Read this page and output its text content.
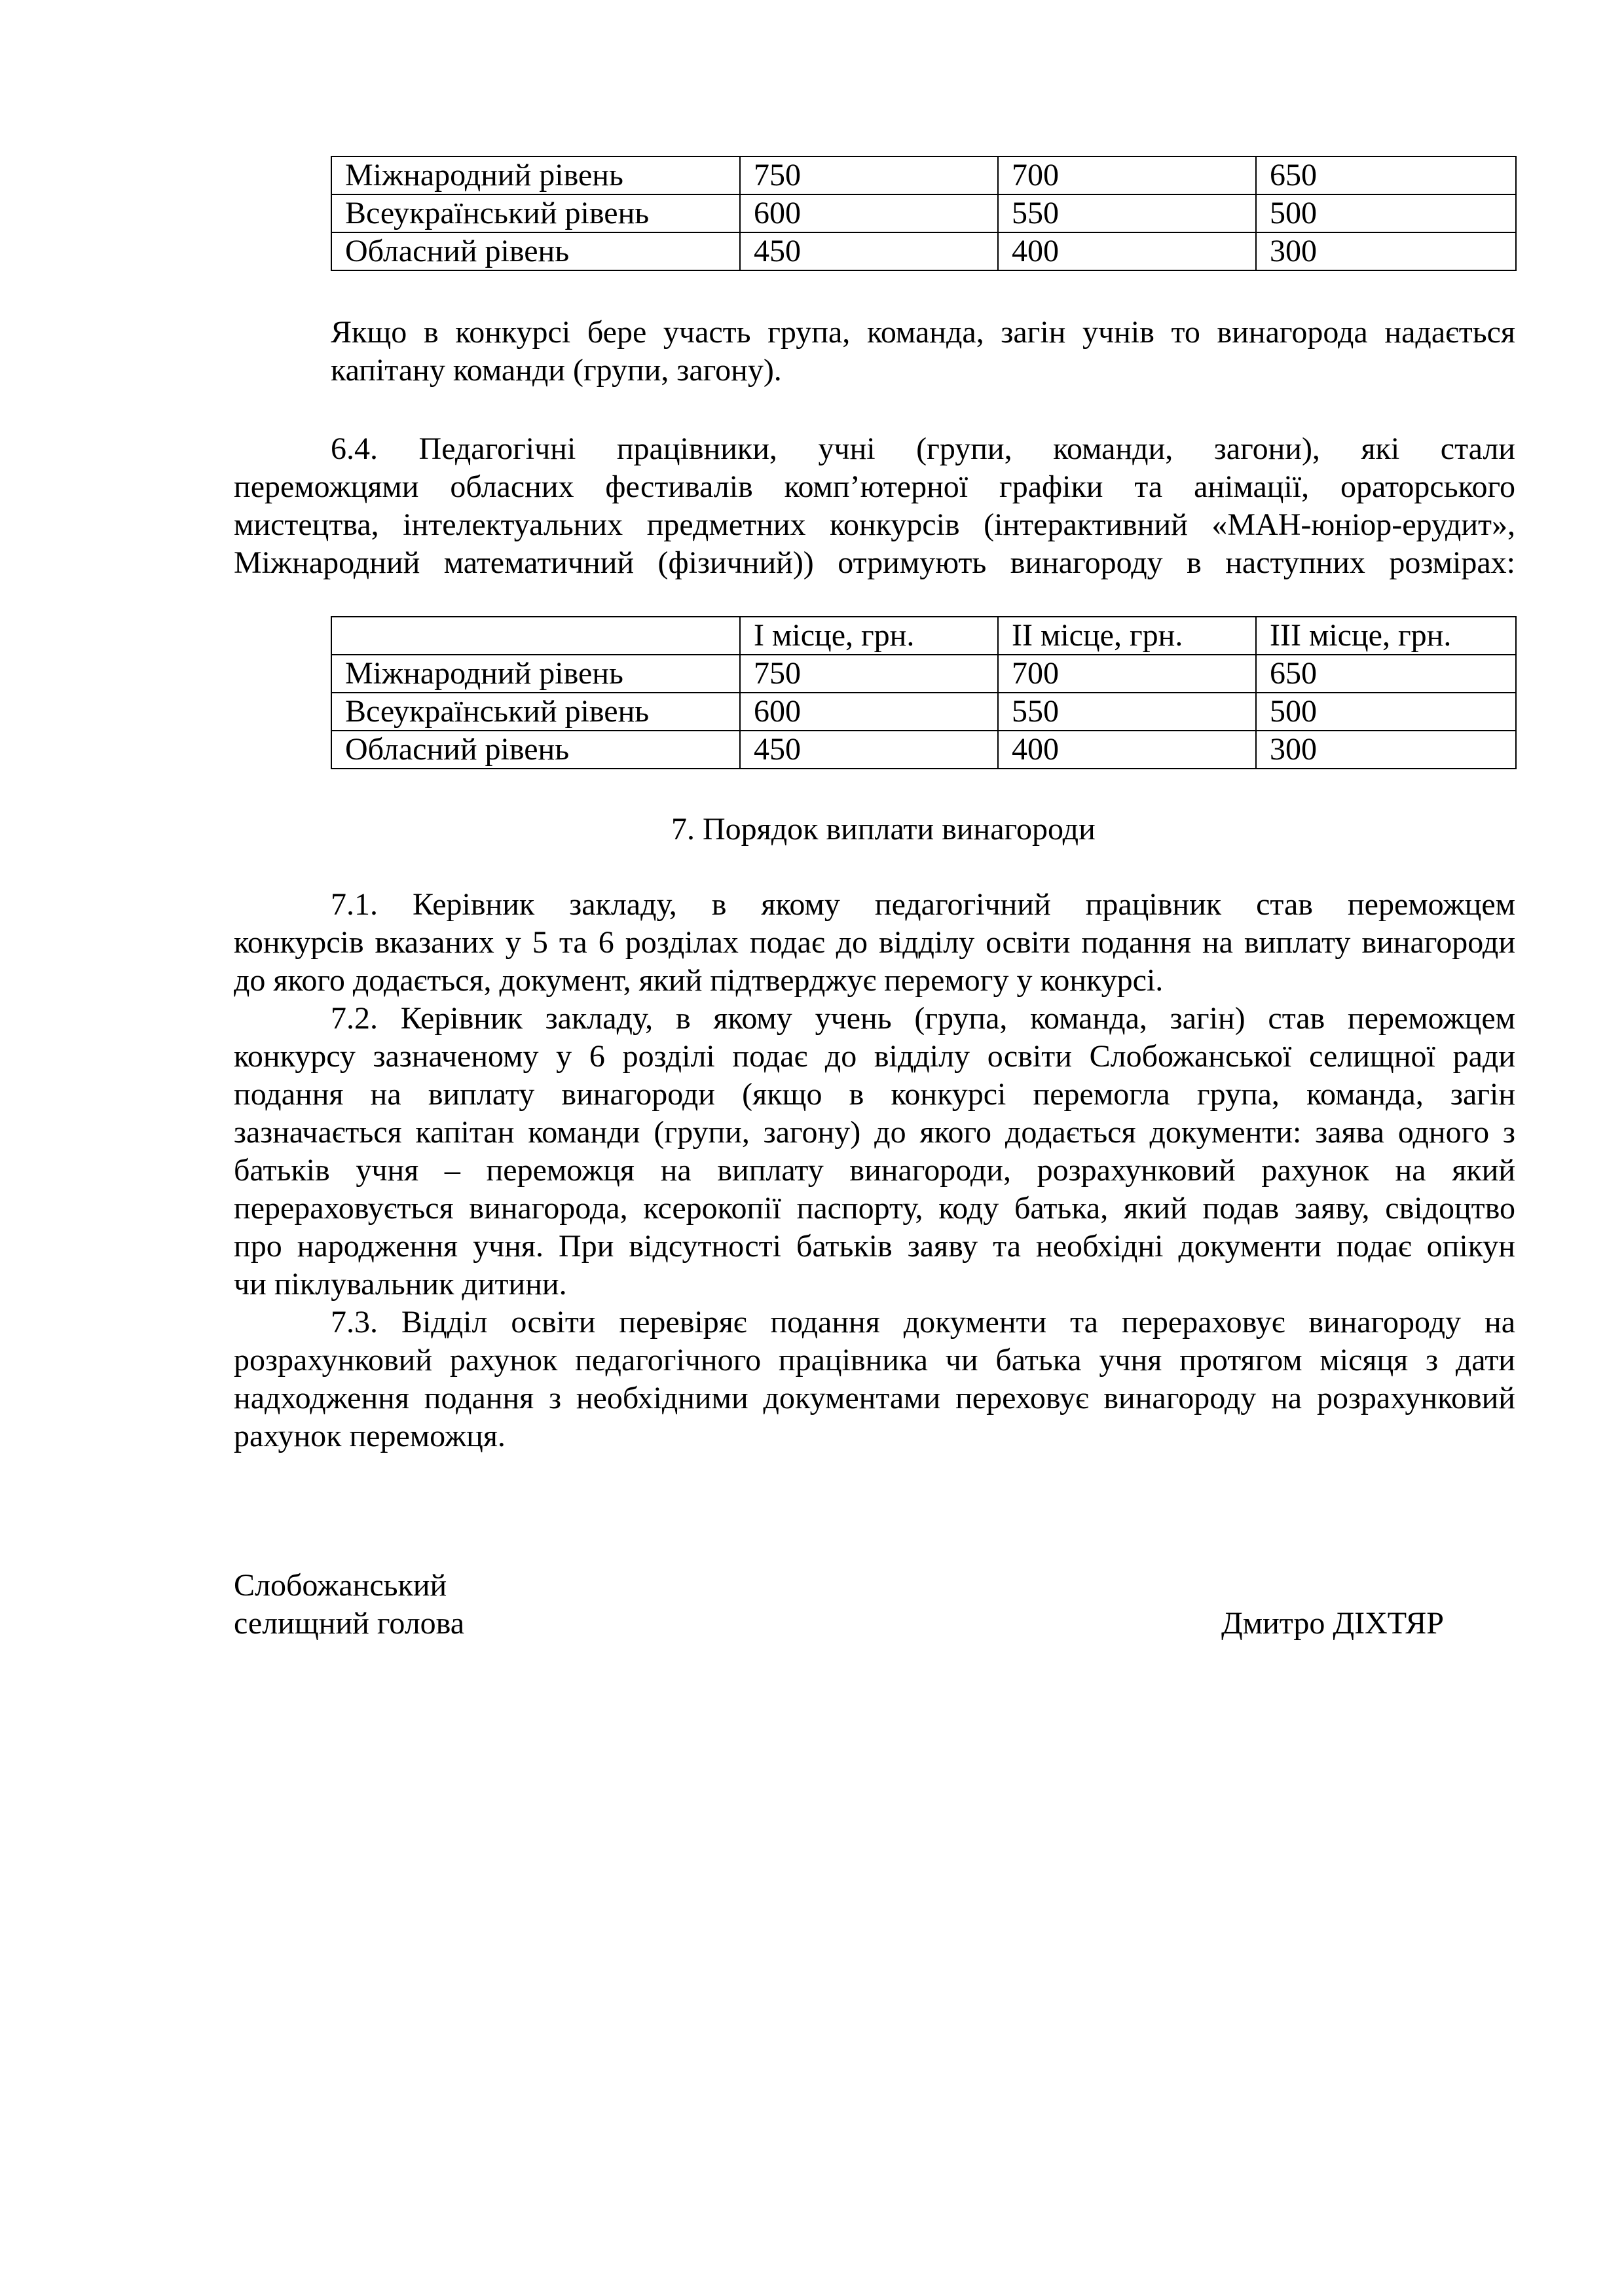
Міжнародний рівень	750	700	650
Всеукраїнський рівень	600	550	500
Обласний рівень	450	400	300
Якщо в конкурсі бере участь група, команда, загін учнів то винагорода надається
капітану команди (групи, загону).
6.4. Педагогічні працівники, учні (групи, команди, загони), які стали
переможцями обласних фестивалів комп’ютерної графіки та анімації, ораторського
мистецтва, інтелектуальних предметних конкурсів (інтерактивний «МАН-юніор-ерудит»,
Міжнародний математичний (фізичний)) отримують винагороду в наступних розмірах:
	I місце, грн.	II місце, грн.	III місце, грн.
Міжнародний рівень	750	700	650
Всеукраїнський рівень	600	550	500
Обласний рівень	450	400	300
7. Порядок виплати винагороди
7.1. Керівник закладу, в якому педагогічний працівник став переможцем
конкурсів вказаних у 5 та 6 розділах подає до відділу освіти подання на виплату винагороди
до якого додається, документ, який підтверджує перемогу у конкурсі.
7.2. Керівник закладу, в якому учень (група, команда, загін) став переможцем
конкурсу зазначеному у 6 розділі подає до відділу освіти Слобожанської селищної ради
подання на виплату винагороди (якщо в конкурсі перемогла група, команда, загін
зазначається капітан команди (групи, загону) до якого додається документи: заява одного з
батьків учня – переможця на виплату винагороди, розрахунковий рахунок на який
перераховується винагорода, ксерокопії паспорту, коду батька, який подав заяву, свідоцтво
про народження учня. При відсутності батьків заяву та необхідні документи подає опікун
чи піклувальник дитини.
7.3. Відділ освіти перевіряє подання документи та перераховує винагороду на
розрахунковий рахунок педагогічного працівника чи батька учня протягом місяця з дати
надходження подання з необхідними документами переховує винагороду на розрахунковий
рахунок переможця.
Слобожанський
селищний голова	Дмитро ДІХТЯР
